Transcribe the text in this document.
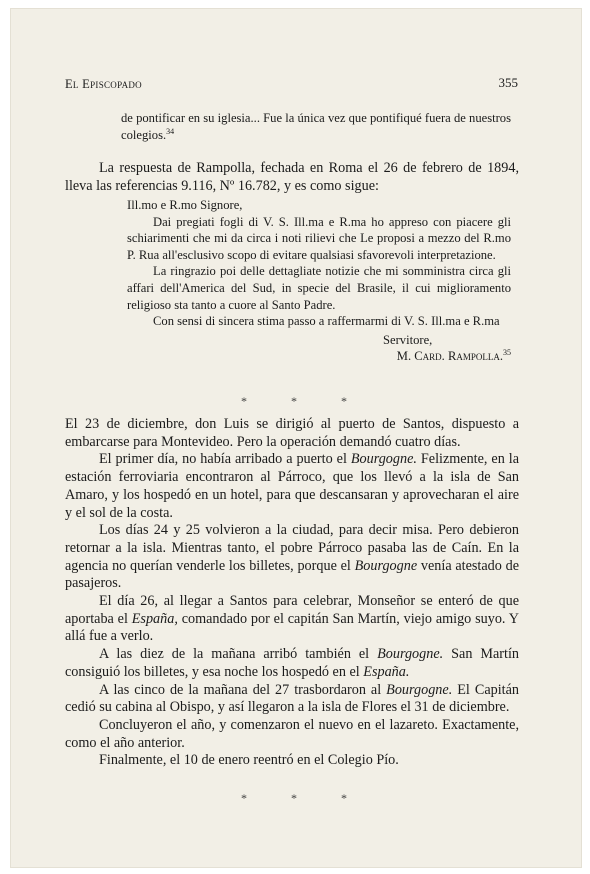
El Episcopado	355

de pontificar en su iglesia... Fue la única vez que pontifiqué fuera de nuestros colegios.$^{34}$

La respuesta de Rampolla, fechada en Roma el 26 de febrero de 1894, lleva las referencias 9.116, Nº 16.782, y es como sigue:

Ill.mo e R.mo Signore,

Dai pregiati fogli di V. S. Ill.ma e R.ma ho appreso con piacere gli schiarimenti che mi da circa i noti rilievi che Le proposi a mezzo del R.mo P. Rua all'esclusivo scopo di evitare qualsiasi sfavorevoli interpretazione.

La ringrazio poi delle dettagliate notizie che mi somministra circa gli affari dell'America del Sud, in specie del Brasile, il cui miglioramento religioso sta tanto a cuore al Santo Padre.

Con sensi di sincera stima passo a raffermarmi di V. S. Ill.ma e R.ma

Servitore,

M. Card. Rampolla.$^{35}$

*	*	*

El 23 de diciembre, don Luis se dirigió al puerto de Santos, dispuesto a embarcarse para Montevideo. Pero la operación demandó cuatro días.

El primer día, no había arribado a puerto el Bourgogne. Felizmente, en la estación ferroviaria encontraron al Párroco, que los llevó a la isla de San Amaro, y los hospedó en un hotel, para que descansaran y aprovecharan el aire y el sol de la costa.

Los días 24 y 25 volvieron a la ciudad, para decir misa. Pero debieron retornar a la isla. Mientras tanto, el pobre Párroco pasaba las de Caín. En la agencia no querían venderle los billetes, porque el Bourgogne venía atestado de pasajeros.

El día 26, al llegar a Santos para celebrar, Monseñor se enteró de que aportaba el España, comandado por el capitán San Martín, viejo amigo suyo. Y allá fue a verlo.

A las diez de la mañana arribó también el Bourgogne. San Martín consiguió los billetes, y esa noche los hospedó en el España.

A las cinco de la mañana del 27 trasbordaron al Bourgogne. El Capitán cedió su cabina al Obispo, y así llegaron a la isla de Flores el 31 de diciembre.

Concluyeron el año, y comenzaron el nuevo en el lazareto. Exactamente, como el año anterior.

Finalmente, el 10 de enero reentró en el Colegio Pío.

*	*	*
